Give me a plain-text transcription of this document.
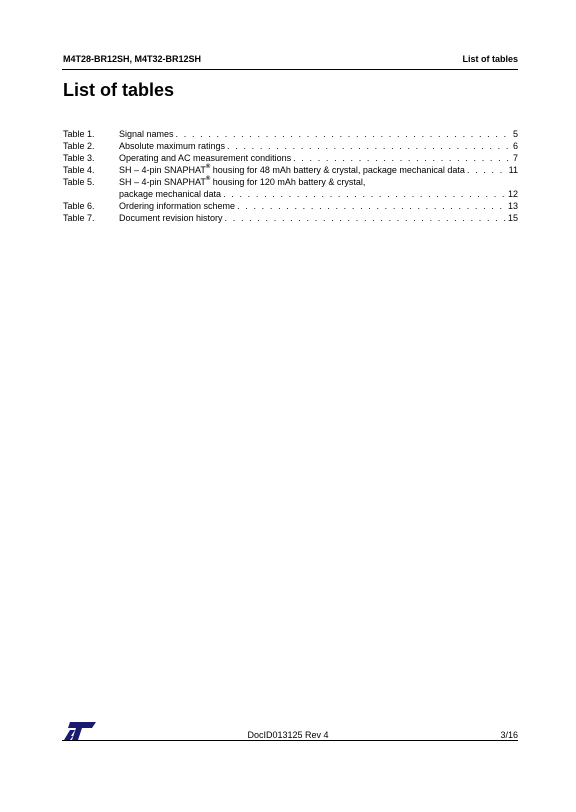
M4T28-BR12SH, M4T32-BR12SH	List of tables
List of tables
Table 1.	Signal names . . .	5
Table 2.	Absolute maximum ratings . . .	6
Table 3.	Operating and AC measurement conditions . . .	7
Table 4.	SH – 4-pin SNAPHAT® housing for 48 mAh battery & crystal, package mechanical data . . .	11
Table 5.	SH – 4-pin SNAPHAT® housing for 120 mAh battery & crystal,
package mechanical data . . .	12
Table 6.	Ordering information scheme . . .	13
Table 7.	Document revision history . . .	15
DocID013125 Rev 4	3/16
